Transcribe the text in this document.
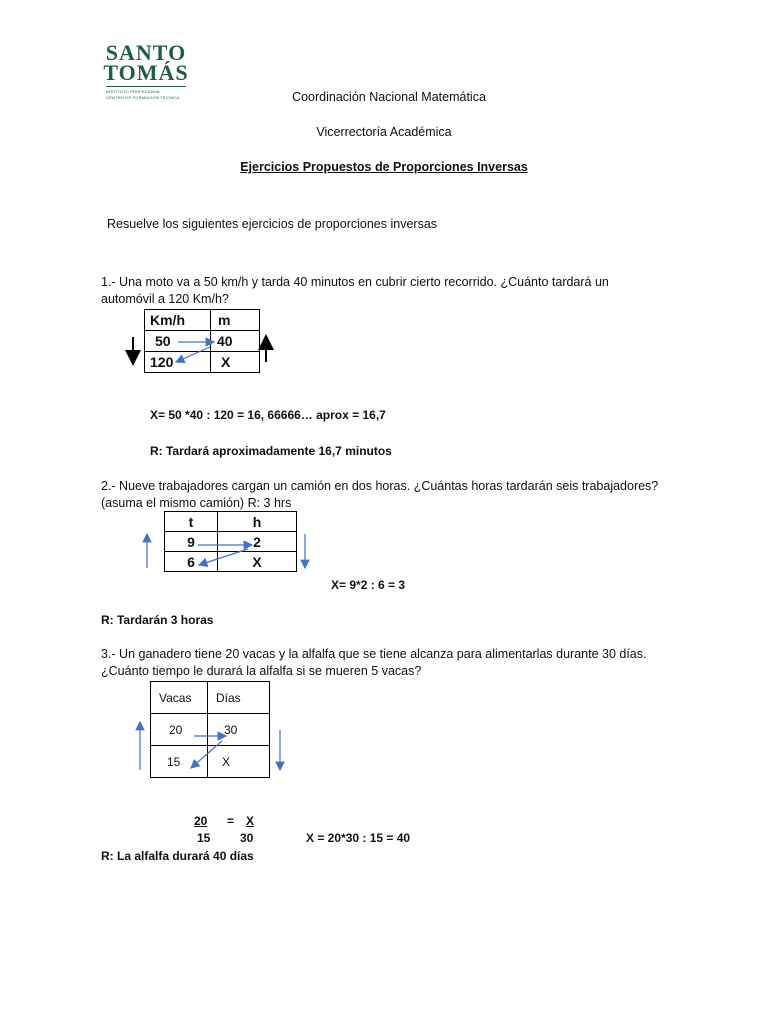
SANTO
TOMÁS
INSTITUTO PROFESIONAL
CENTRO DE FORMACIÓN TÉCNICA	Coordinación Nacional Matemática
Vicerrectoría Académica
Ejercicios Propuestos de Proporciones Inversas
Resuelve los siguientes ejercicios de proporciones inversas
1.- Una moto va a 50 km/h y tarda 40 minutos en cubrir cierto recorrido. ¿Cuánto tardará un
automóvil a 120 Km/h?
Km/h	m
50	40
120	X
X= 50 *40 : 120 = 16, 66666… aprox = 16,7
R: Tardará aproximadamente 16,7 minutos
2.- Nueve trabajadores cargan un camión en dos horas. ¿Cuántas horas tardarán seis trabajadores?
(asuma el mismo camión) R: 3 hrs
t	h
9	2
6	X
X= 9*2 : 6 = 3
R: Tardarán 3 horas
3.- Un ganadero tiene 20 vacas y la alfalfa que se tiene alcanza para alimentarlas durante 30 días.
¿Cuánto tiempo le durará la alfalfa si se mueren 5 vacas?
Vacas	Días
20	30
15	X
20 = X
15 30	X = 20*30 : 15 = 40
R: La alfalfa durará 40 días
